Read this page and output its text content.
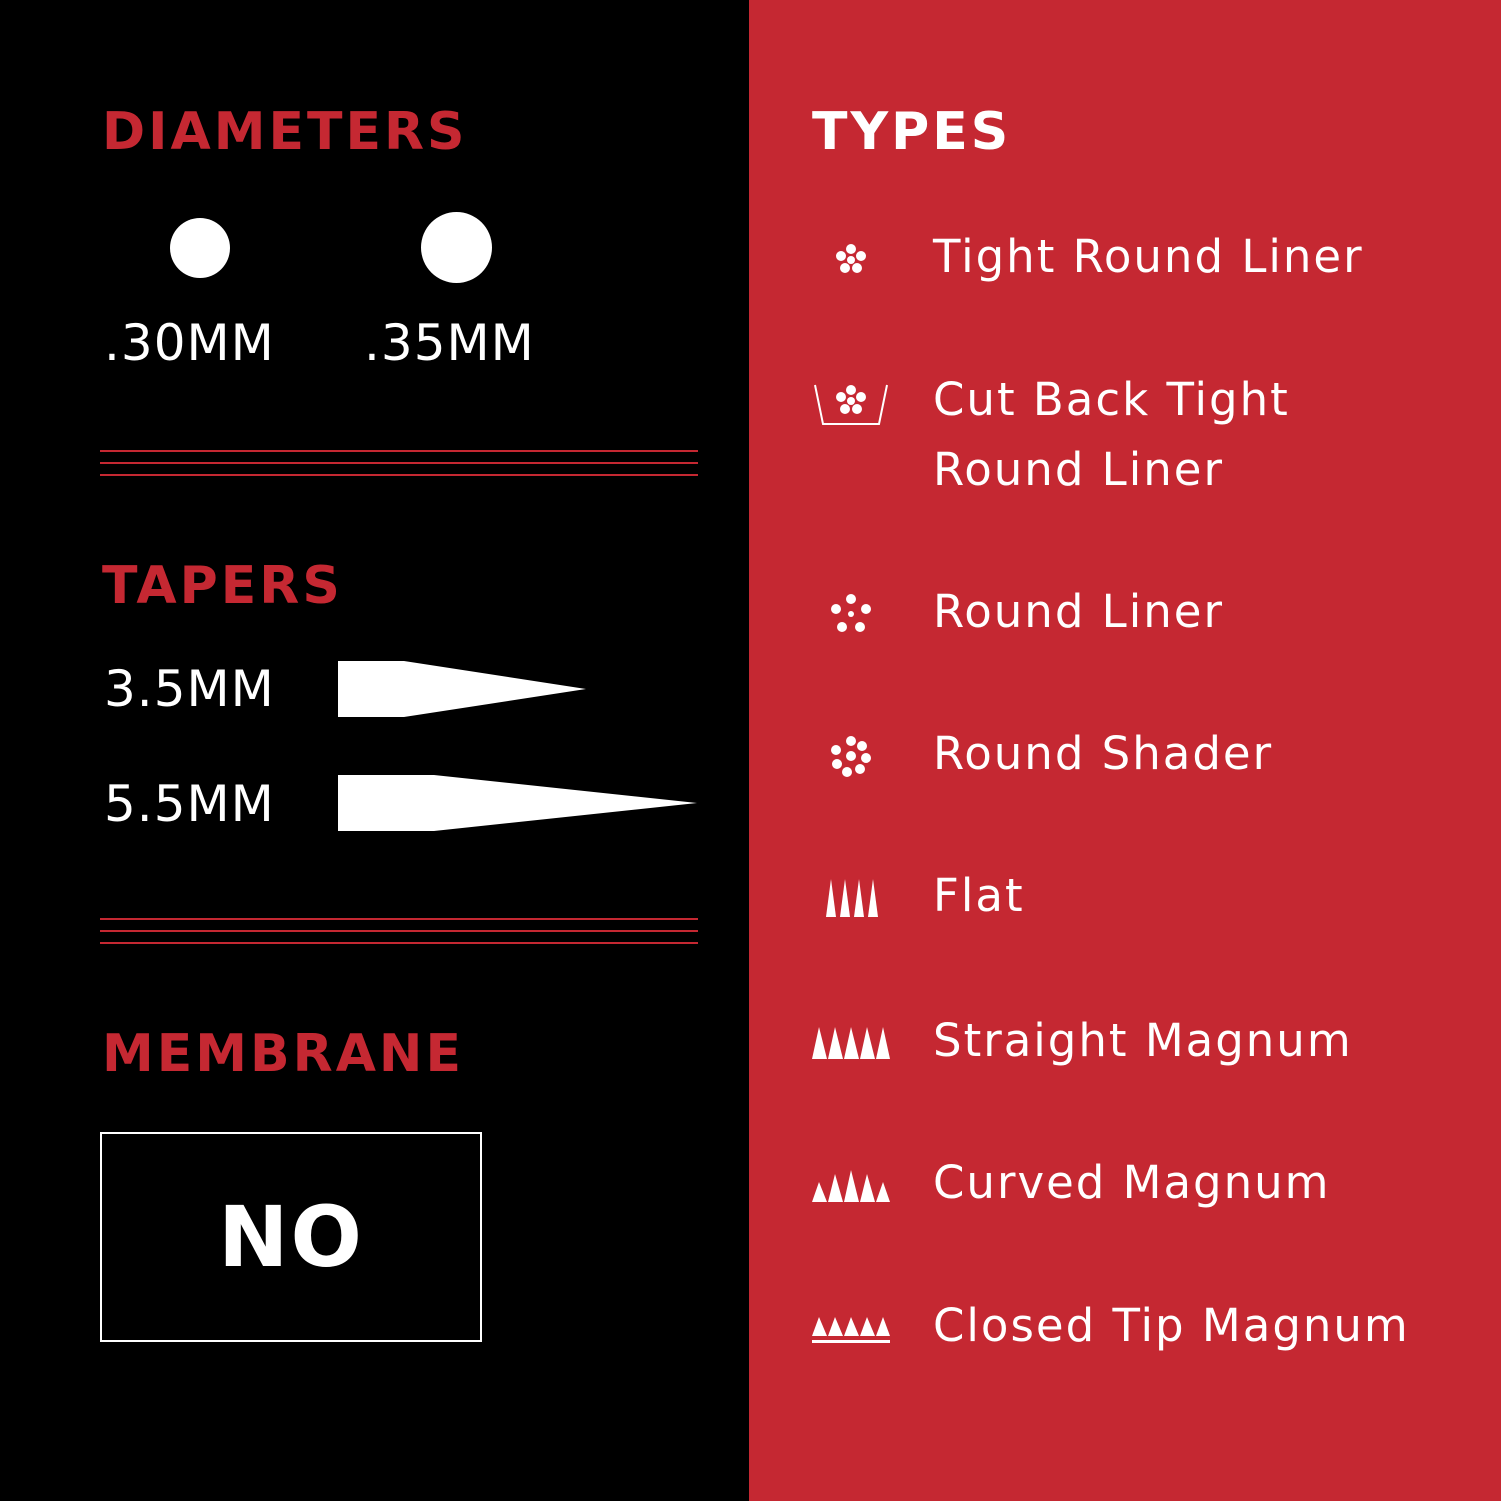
DIAMETERS
.30MM .35MM
TAPERS
3.5MM
5.5MM
MEMBRANE
NO
TYPES
Tight Round Liner
Cut Back Tight
Round Liner
Round Liner
Round Shader
Flat
Straight Magnum
Curved Magnum
Closed Tip Magnum
